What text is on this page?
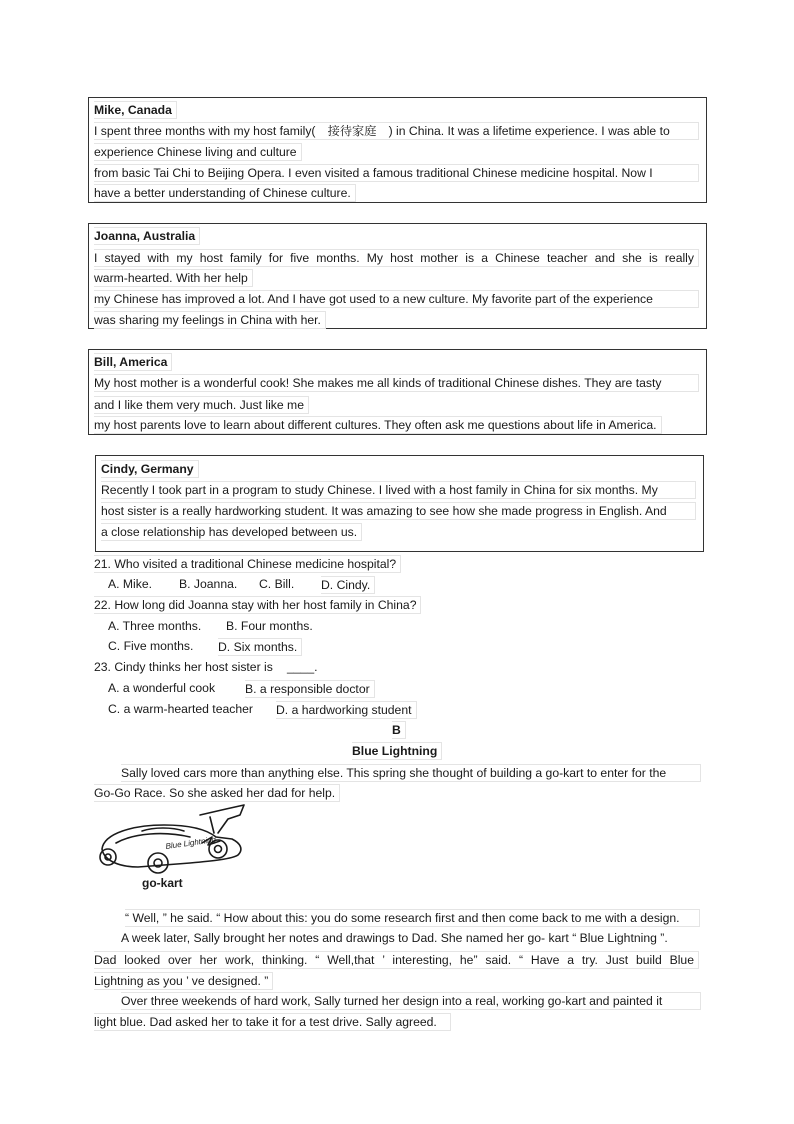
Mike, Canada
I spent three months with my host family(　接待家庭　) in China. It was a lifetime experience. I was able to
experience Chinese living and culture
from basic Tai Chi to Beijing Opera. I even visited a famous traditional Chinese medicine hospital. Now I
have a better understanding of Chinese culture.
Joanna, Australia
I stayed with my host family for five months. My host mother is a Chinese teacher and she is really
warm-hearted. With her help
my Chinese has improved a lot. And I have got used to a new culture. My favorite part of the experience
was sharing my feelings in China with her.
Bill, America
My host mother is a wonderful cook! She makes me all kinds of traditional Chinese dishes. They are tasty
and I like them very much. Just like me
my host parents love to learn about different cultures. They often ask me questions about life in America.
Cindy, Germany
Recently I took part in a program to study Chinese. I lived with a host family in China for six months. My
host sister is a really hardworking student. It was amazing to see how she made progress in English. And
a close relationship has developed between us.
21. Who visited a traditional Chinese medicine hospital?
A. Mike. B. Joanna. C. Bill. D. Cindy.
22. How long did Joanna stay with her host family in China?
A. Three months. B. Four months.
C. Five months. D. Six months.
23. Cindy thinks her host sister is ____.
A. a wonderful cook B. a responsible doctor
C. a warm-hearted teacher D. a hardworking student
B
Blue Lightning
Sally loved cars more than anything else. This spring she thought of building a go-kart to enter for the
Go-Go Race. So she asked her dad for help.
Blue Lightning
go-kart
“ Well, ” he said. “ How about this: you do some research first and then come back to me with a design.
A week later, Sally brought her notes and drawings to Dad. She named her go- kart “ Blue Lightning ”.
Dad looked over her work, thinking. “ Well,that ’ interesting, he” said. “ Have a try. Just build Blue
Lightning as you ’ ve designed. ”
Over three weekends of hard work, Sally turned her design into a real, working go-kart and painted it
light blue. Dad asked her to take it for a test drive. Sally agreed.
